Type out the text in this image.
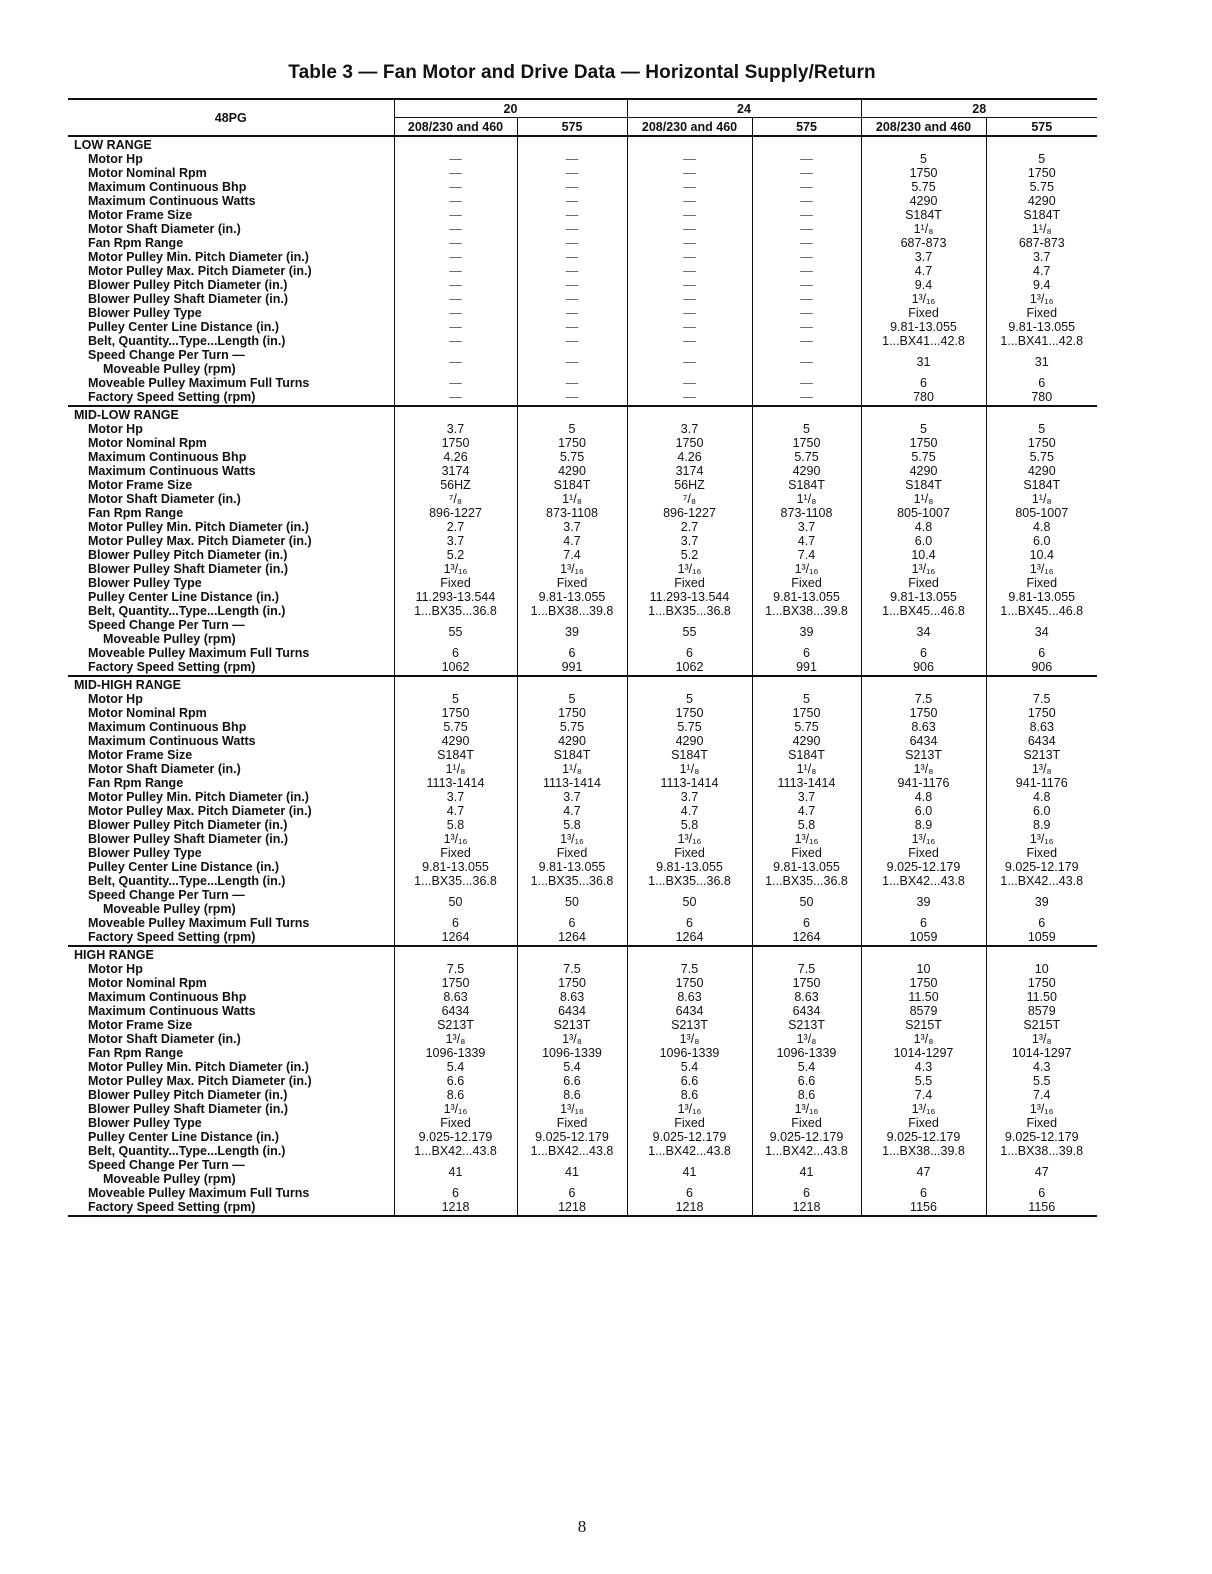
Table 3 — Fan Motor and Drive Data — Horizontal Supply/Return
48PG	20		24		28	
	208/230 and 460	575	208/230 and 460	575	208/230 and 460	575
LOW RANGE						
Motor Hp	—	—	—	—	5	5
Motor Nominal Rpm	—	—	—	—	1750	1750
Maximum Continuous Bhp	—	—	—	—	5.75	5.75
Maximum Continuous Watts	—	—	—	—	4290	4290
Motor Frame Size	—	—	—	—	S184T	S184T
Motor Shaft Diameter (in.)	—	—	—	—	1¹/₈	1¹/₈
Fan Rpm Range	—	—	—	—	687-873	687-873
Motor Pulley Min. Pitch Diameter (in.)	—	—	—	—	3.7	3.7
Motor Pulley Max. Pitch Diameter (in.)	—	—	—	—	4.7	4.7
Blower Pulley Pitch Diameter (in.)	—	—	—	—	9.4	9.4
Blower Pulley Shaft Diameter (in.)	—	—	—	—	1³/₁₆	1³/₁₆
Blower Pulley Type	—	—	—	—	Fixed	Fixed
Pulley Center Line Distance (in.)	—	—	—	—	9.81-13.055	9.81-13.055
Belt, Quantity...Type...Length (in.)	—	—	—	—	1...BX41...42.8	1...BX41...42.8
Speed Change Per Turn —	—	—	—	—	31	31
Moveable Pulley (rpm)						
Moveable Pulley Maximum Full Turns	—	—	—	—	6	6
Factory Speed Setting (rpm)	—	—	—	—	780	780
MID-LOW RANGE						
Motor Hp	3.7	5	3.7	5	5	5
Motor Nominal Rpm	1750	1750	1750	1750	1750	1750
Maximum Continuous Bhp	4.26	5.75	4.26	5.75	5.75	5.75
Maximum Continuous Watts	3174	4290	3174	4290	4290	4290
Motor Frame Size	56HZ	S184T	56HZ	S184T	S184T	S184T
Motor Shaft Diameter (in.)	⁷/₈	1¹/₈	⁷/₈	1¹/₈	1¹/₈	1¹/₈
Fan Rpm Range	896-1227	873-1108	896-1227	873-1108	805-1007	805-1007
Motor Pulley Min. Pitch Diameter (in.)	2.7	3.7	2.7	3.7	4.8	4.8
Motor Pulley Max. Pitch Diameter (in.)	3.7	4.7	3.7	4.7	6.0	6.0
Blower Pulley Pitch Diameter (in.)	5.2	7.4	5.2	7.4	10.4	10.4
Blower Pulley Shaft Diameter (in.)	1³/₁₆	1³/₁₆	1³/₁₆	1³/₁₆	1³/₁₆	1³/₁₆
Blower Pulley Type	Fixed	Fixed	Fixed	Fixed	Fixed	Fixed
Pulley Center Line Distance (in.)	11.293-13.544	9.81-13.055	11.293-13.544	9.81-13.055	9.81-13.055	9.81-13.055
Belt, Quantity...Type...Length (in.)	1...BX35...36.8	1...BX38...39.8	1...BX35...36.8	1...BX38...39.8	1...BX45...46.8	1...BX45...46.8
Speed Change Per Turn —	55	39	55	39	34	34
Moveable Pulley (rpm)						
Moveable Pulley Maximum Full Turns	6	6	6	6	6	6
Factory Speed Setting (rpm)	1062	991	1062	991	906	906
MID-HIGH RANGE						
Motor Hp	5	5	5	5	7.5	7.5
Motor Nominal Rpm	1750	1750	1750	1750	1750	1750
Maximum Continuous Bhp	5.75	5.75	5.75	5.75	8.63	8.63
Maximum Continuous Watts	4290	4290	4290	4290	6434	6434
Motor Frame Size	S184T	S184T	S184T	S184T	S213T	S213T
Motor Shaft Diameter (in.)	1¹/₈	1¹/₈	1¹/₈	1¹/₈	1³/₈	1³/₈
Fan Rpm Range	1113-1414	1113-1414	1113-1414	1113-1414	941-1176	941-1176
Motor Pulley Min. Pitch Diameter (in.)	3.7	3.7	3.7	3.7	4.8	4.8
Motor Pulley Max. Pitch Diameter (in.)	4.7	4.7	4.7	4.7	6.0	6.0
Blower Pulley Pitch Diameter (in.)	5.8	5.8	5.8	5.8	8.9	8.9
Blower Pulley Shaft Diameter (in.)	1³/₁₆	1³/₁₆	1³/₁₆	1³/₁₆	1³/₁₆	1³/₁₆
Blower Pulley Type	Fixed	Fixed	Fixed	Fixed	Fixed	Fixed
Pulley Center Line Distance (in.)	9.81-13.055	9.81-13.055	9.81-13.055	9.81-13.055	9.025-12.179	9.025-12.179
Belt, Quantity...Type...Length (in.)	1...BX35...36.8	1...BX35...36.8	1...BX35...36.8	1...BX35...36.8	1...BX42...43.8	1...BX42...43.8
Speed Change Per Turn —	50	50	50	50	39	39
Moveable Pulley (rpm)						
Moveable Pulley Maximum Full Turns	6	6	6	6	6	6
Factory Speed Setting (rpm)	1264	1264	1264	1264	1059	1059
HIGH RANGE						
Motor Hp	7.5	7.5	7.5	7.5	10	10
Motor Nominal Rpm	1750	1750	1750	1750	1750	1750
Maximum Continuous Bhp	8.63	8.63	8.63	8.63	11.50	11.50
Maximum Continuous Watts	6434	6434	6434	6434	8579	8579
Motor Frame Size	S213T	S213T	S213T	S213T	S215T	S215T
Motor Shaft Diameter (in.)	1³/₈	1³/₈	1³/₈	1³/₈	1³/₈	1³/₈
Fan Rpm Range	1096-1339	1096-1339	1096-1339	1096-1339	1014-1297	1014-1297
Motor Pulley Min. Pitch Diameter (in.)	5.4	5.4	5.4	5.4	4.3	4.3
Motor Pulley Max. Pitch Diameter (in.)	6.6	6.6	6.6	6.6	5.5	5.5
Blower Pulley Pitch Diameter (in.)	8.6	8.6	8.6	8.6	7.4	7.4
Blower Pulley Shaft Diameter (in.)	1³/₁₆	1³/₁₆	1³/₁₆	1³/₁₆	1³/₁₆	1³/₁₆
Blower Pulley Type	Fixed	Fixed	Fixed	Fixed	Fixed	Fixed
Pulley Center Line Distance (in.)	9.025-12.179	9.025-12.179	9.025-12.179	9.025-12.179	9.025-12.179	9.025-12.179
Belt, Quantity...Type...Length (in.)	1...BX42...43.8	1...BX42...43.8	1...BX42...43.8	1...BX42...43.8	1...BX38...39.8	1...BX38...39.8
Speed Change Per Turn —	41	41	41	41	47	47
Moveable Pulley (rpm)						
Moveable Pulley Maximum Full Turns	6	6	6	6	6	6
Factory Speed Setting (rpm)	1218	1218	1218	1218	1156	1156
8
